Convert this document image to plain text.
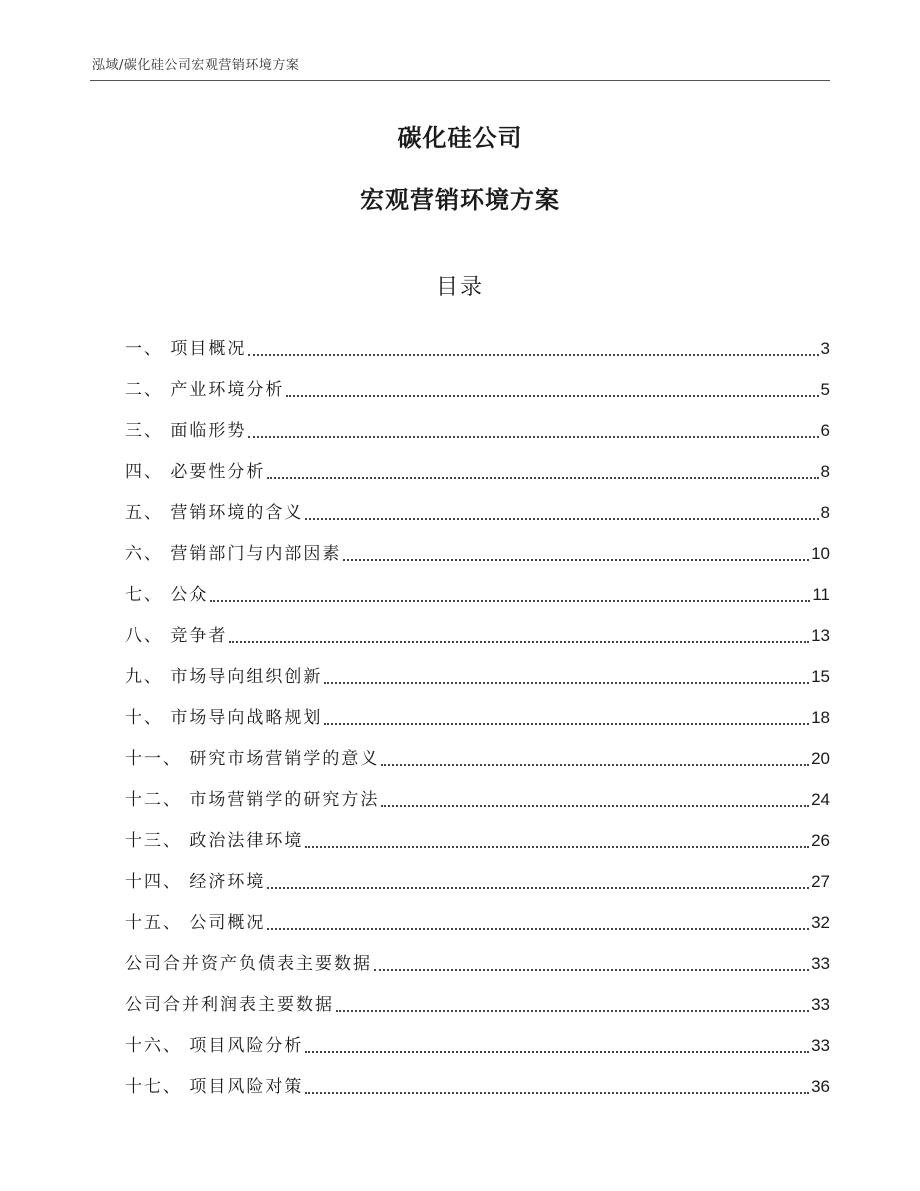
泓域/碳化硅公司宏观营销环境方案
碳化硅公司
宏观营销环境方案
目录
一、 项目概况	3
二、 产业环境分析	5
三、 面临形势	6
四、 必要性分析	8
五、 营销环境的含义	8
六、 营销部门与内部因素	10
七、 公众	11
八、 竞争者	13
九、 市场导向组织创新	15
十、 市场导向战略规划	18
十一、 研究市场营销学的意义	20
十二、 市场营销学的研究方法	24
十三、 政治法律环境	26
十四、 经济环境	27
十五、 公司概况	32
公司合并资产负债表主要数据	33
公司合并利润表主要数据	33
十六、 项目风险分析	33
十七、 项目风险对策	36
